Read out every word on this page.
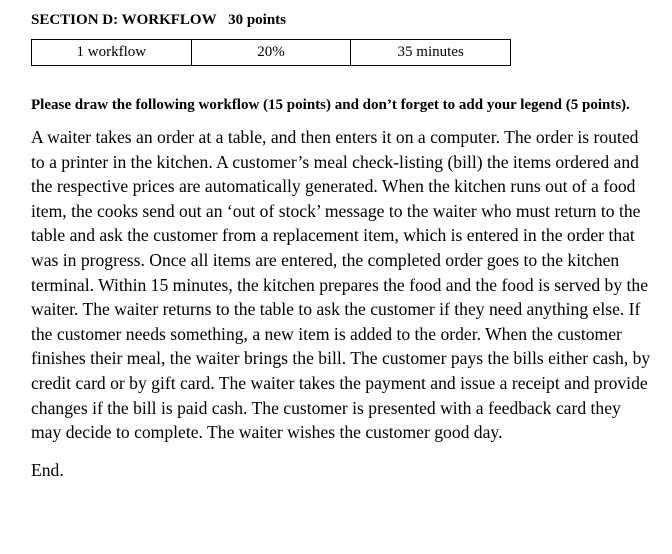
SECTION D: WORKFLOW 30 points

1 workflow	20%	35 minutes

Please draw the following workflow (15 points) and don’t forget to add your legend (5 points).

A waiter takes an order at a table, and then enters it on a computer. The order is routed to a printer in the kitchen. A customer’s meal check-listing (bill) the items ordered and the respective prices are automatically generated. When the kitchen runs out of a food item, the cooks send out an ‘out of stock’ message to the waiter who must return to the table and ask the customer from a replacement item, which is entered in the order that was in progress. Once all items are entered, the completed order goes to the kitchen terminal. Within 15 minutes, the kitchen prepares the food and the food is served by the waiter. The waiter returns to the table to ask the customer if they need anything else. If the customer needs something, a new item is added to the order. When the customer finishes their meal, the waiter brings the bill. The customer pays the bills either cash, by credit card or by gift card. The waiter takes the payment and issue a receipt and provide changes if the bill is paid cash. The customer is presented with a feedback card they may decide to complete. The waiter wishes the customer good day.

End.
